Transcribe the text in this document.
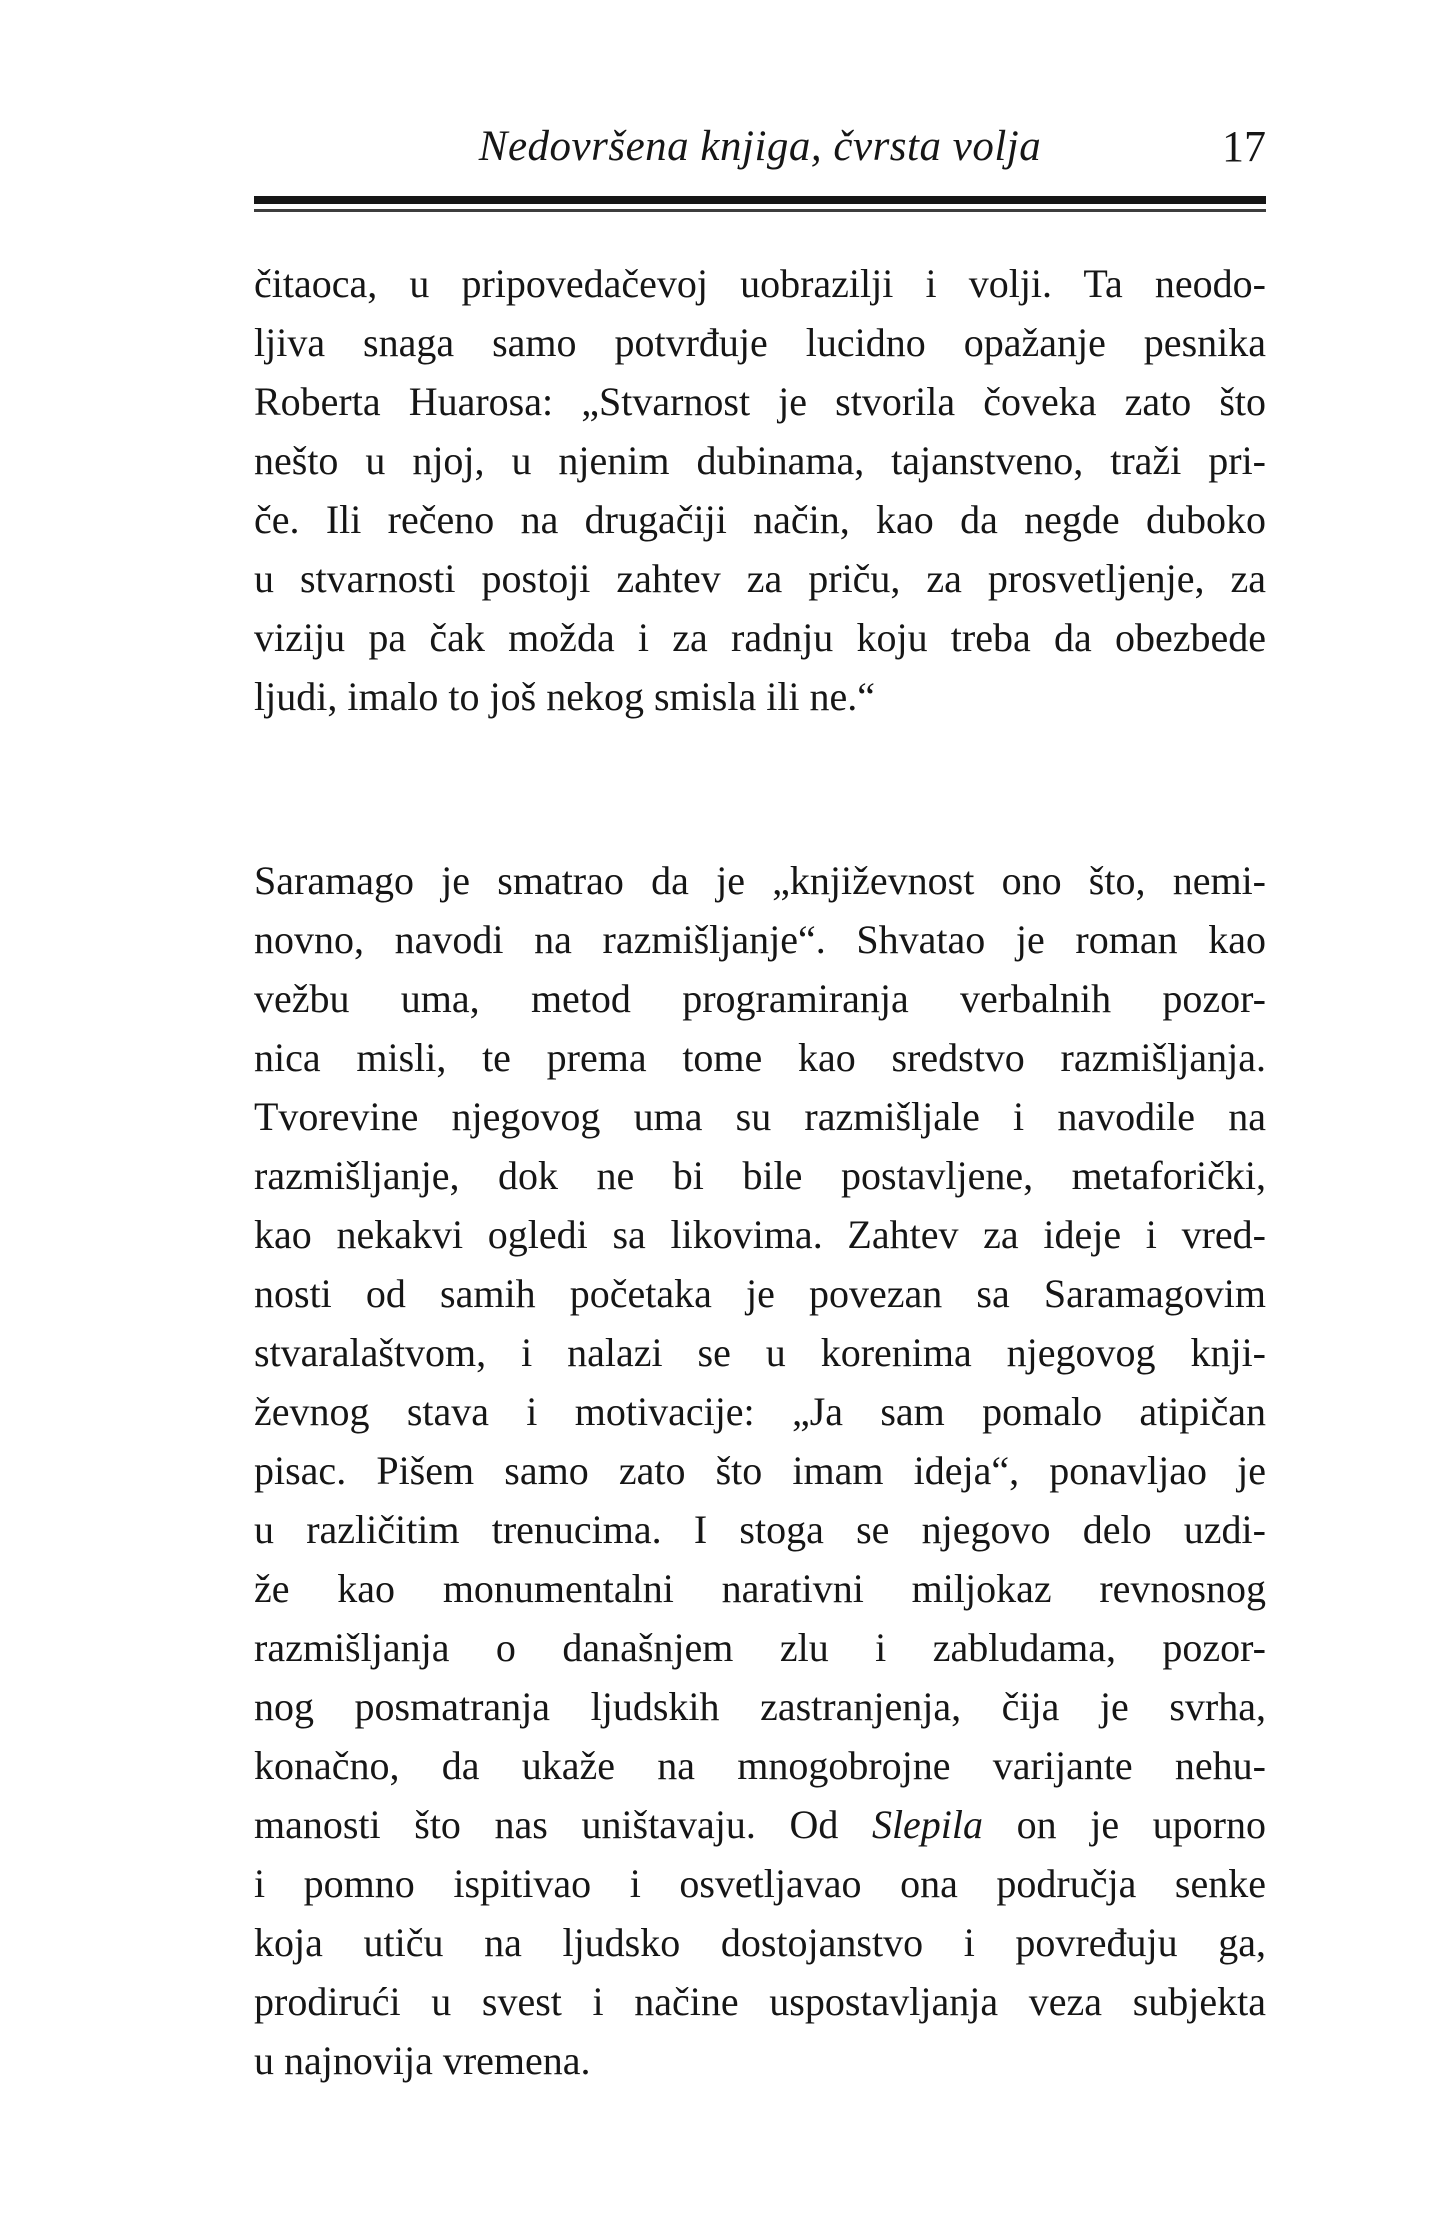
Nedovršena knjiga, čvrsta volja	17
čitaoca, u pripovedačevoj uobrazilji i volji. Ta neodo-
ljiva snaga samo potvrđuje lucidno opažanje pesnika
Roberta Huarosa: „Stvarnost je stvorila čoveka zato što
nešto u njoj, u njenim dubinama, tajanstveno, traži pri-
če. Ili rečeno na drugačiji način, kao da negde duboko
u stvarnosti postoji zahtev za priču, za prosvetljenje, za
viziju pa čak možda i za radnju koju treba da obezbede
ljudi, imalo to još nekog smisla ili ne.“
Saramago je smatrao da je „književnost ono što, nemi-
novno, navodi na razmišljanje“. Shvatao je roman kao
vežbu uma, metod programiranja verbalnih pozor-
nica misli, te prema tome kao sredstvo razmišljanja.
Tvorevine njegovog uma su razmišljale i navodile na
razmišljanje, dok ne bi bile postavljene, metaforički,
kao nekakvi ogledi sa likovima. Zahtev za ideje i vred-
nosti od samih početaka je povezan sa Saramagovim
stvaralaštvom, i nalazi se u korenima njegovog knji-
ževnog stava i motivacije: „Ja sam pomalo atipičan
pisac. Pišem samo zato što imam ideja“, ponavljao je
u različitim trenucima. I stoga se njegovo delo uzdi-
že kao monumentalni narativni miljokaz revnosnog
razmišljanja o današnjem zlu i zabludama, pozor-
nog posmatranja ljudskih zastranjenja, čija je svrha,
konačno, da ukaže na mnogobrojne varijante nehu-
manosti što nas uništavaju. Od Slepila on je uporno
i pomno ispitivao i osvetljavao ona područja senke
koja utiču na ljudsko dostojanstvo i povređuju ga,
prodirući u svest i načine uspostavljanja veza subjekta
u najnovija vremena.
